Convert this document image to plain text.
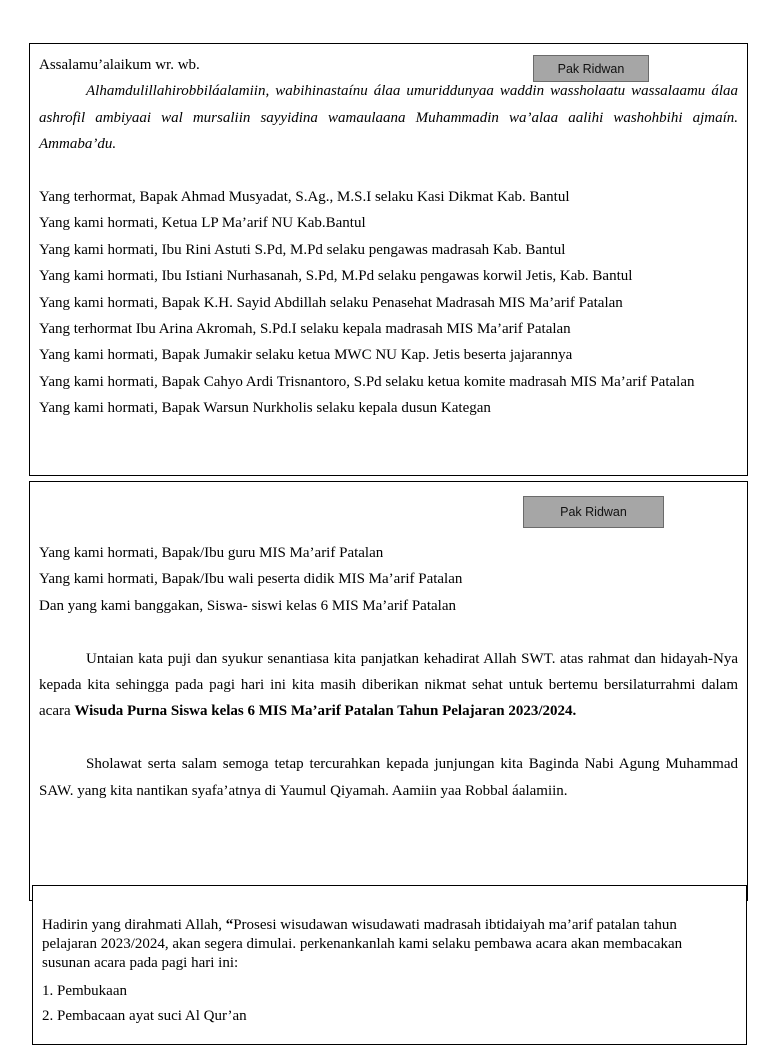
Pak Ridwan

Assalamu’alaikum wr. wb.

Alhamdulillahirobbiláalamiin, wabihinastaínu álaa umuriddunyaa waddin wassholaatu wassalaamu álaa ashrofil ambiyaai wal mursaliin sayyidina wamaulaana Muhammadin wa’alaa aalihi washohbihi ajmaín. Ammaba’du.

Yang terhormat, Bapak Ahmad Musyadat, S.Ag., M.S.I selaku Kasi Dikmat Kab. Bantul

Yang kami hormati, Ketua LP Ma’arif NU Kab.Bantul

Yang kami hormati, Ibu Rini Astuti S.Pd, M.Pd selaku pengawas madrasah Kab. Bantul

Yang kami hormati, Ibu Istiani Nurhasanah, S.Pd, M.Pd selaku pengawas korwil Jetis, Kab. Bantul

Yang kami hormati, Bapak K.H. Sayid Abdillah selaku Penasehat Madrasah MIS Ma’arif Patalan

Yang terhormat Ibu Arina Akromah, S.Pd.I selaku kepala madrasah MIS Ma’arif Patalan

Yang kami hormati, Bapak Jumakir selaku ketua MWC NU Kap. Jetis beserta jajarannya

Yang kami hormati, Bapak Cahyo Ardi Trisnantoro, S.Pd selaku ketua komite madrasah MIS Ma’arif Patalan

Yang kami hormati, Bapak Warsun Nurkholis selaku kepala dusun Kategan

Pak Ridwan

Yang kami hormati, Bapak/Ibu guru MIS Ma’arif Patalan

Yang kami hormati, Bapak/Ibu wali peserta didik MIS Ma’arif Patalan

Dan yang kami banggakan, Siswa- siswi kelas 6 MIS Ma’arif Patalan

Untaian kata puji dan syukur senantiasa kita panjatkan kehadirat Allah SWT. atas rahmat dan hidayah-Nya kepada kita sehingga pada pagi hari ini kita masih diberikan nikmat sehat untuk bertemu bersilaturrahmi dalam acara Wisuda Purna Siswa kelas 6 MIS Ma’arif Patalan Tahun Pelajaran 2023/2024.

Sholawat serta salam semoga tetap tercurahkan kepada junjungan kita Baginda Nabi Agung Muhammad SAW. yang kita nantikan syafa’atnya di Yaumul Qiyamah. Aamiin yaa Robbal áalamiin.

Hadirin yang dirahmati Allah, “Prosesi wisudawan wisudawati madrasah ibtidaiyah ma’arif patalan tahun pelajaran 2023/2024, akan segera dimulai. perkenankanlah kami selaku pembawa acara akan membacakan susunan acara pada pagi hari ini:

1. Pembukaan
2. Pembacaan ayat suci Al Qur’an
